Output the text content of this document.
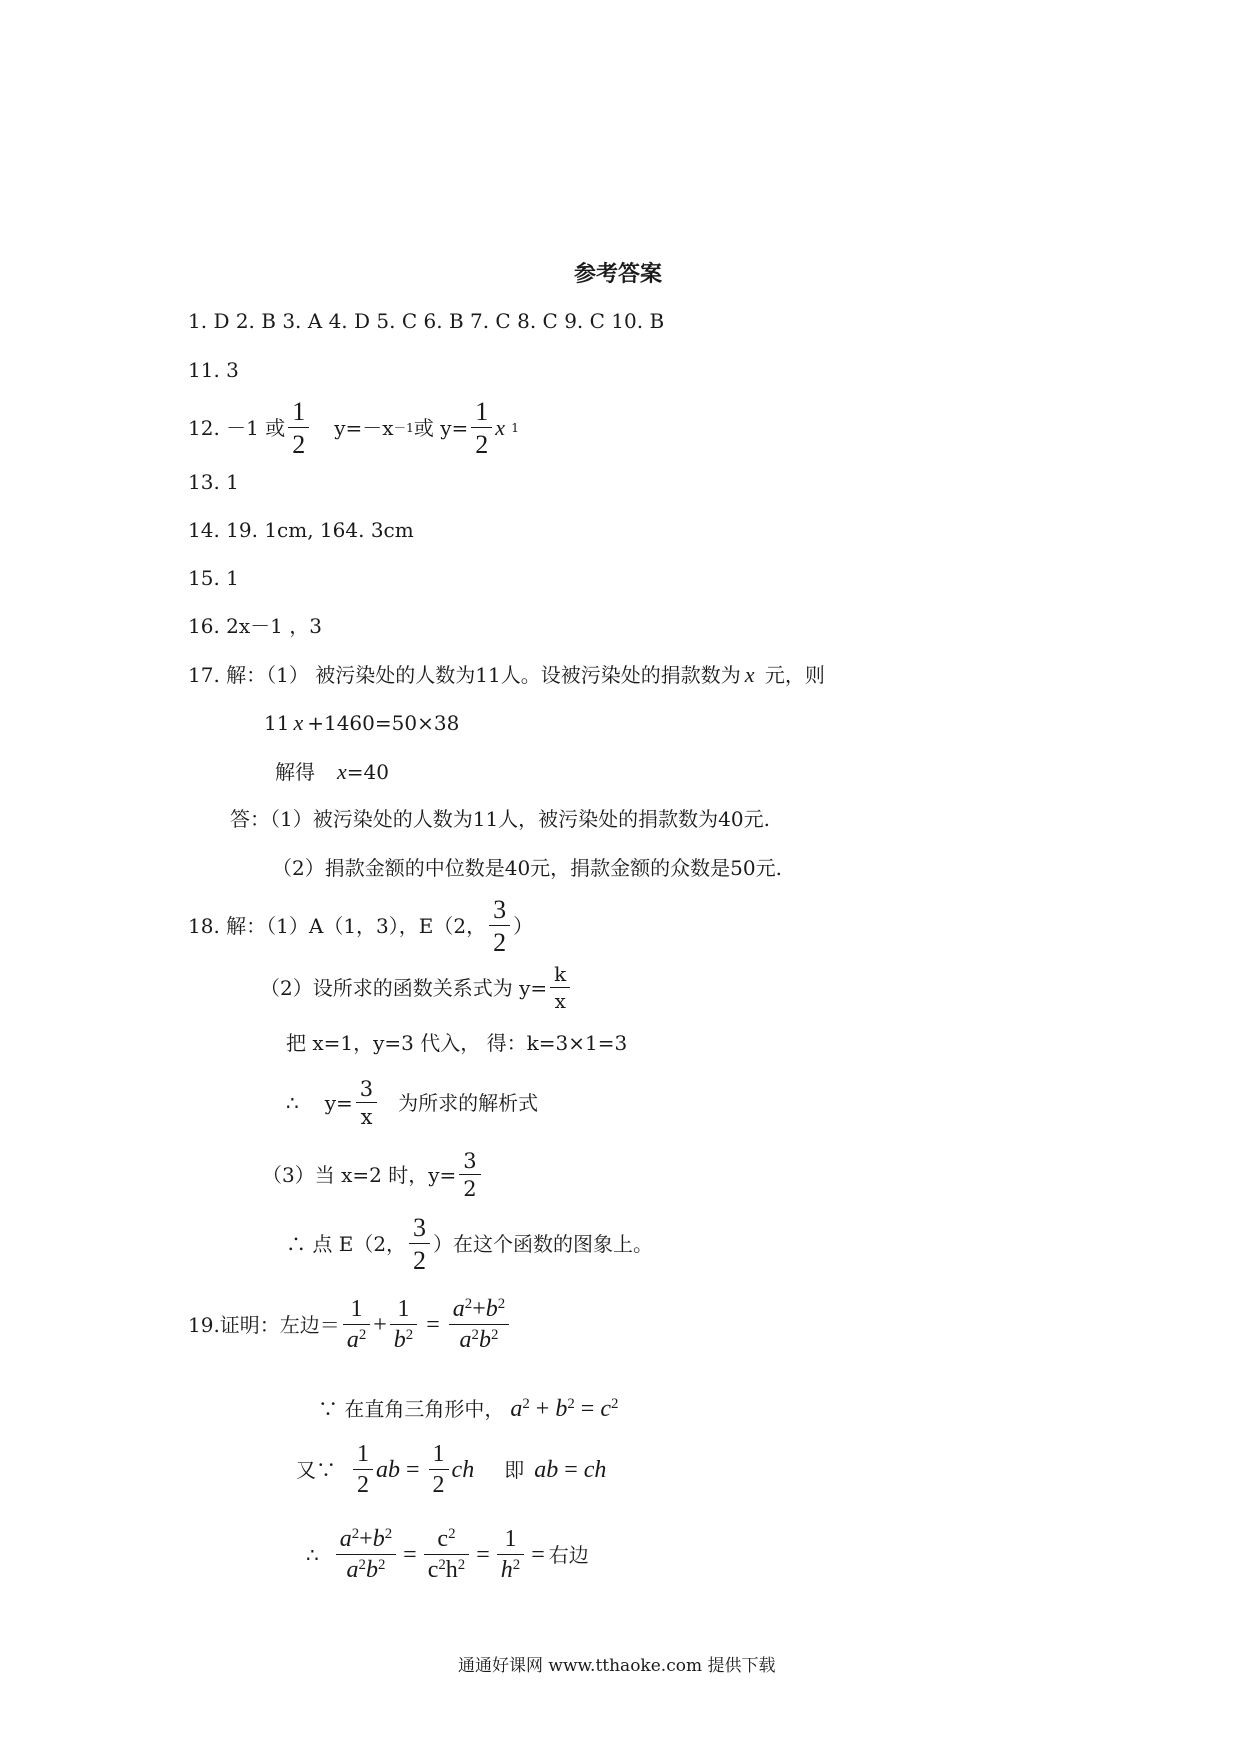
参考答案
1. D 2. B 3. A 4. D 5. C 6. B 7. C 8. C 9. C 10. B
11. 3
12. －1 或 $\frac{1}{2} y=-x -1$ 或 $y= \frac{1}{2}$ x 1
13. 1
14. 19. 1cm, 164. 3cm
15. 1
16. 2x－1 ，3
17. 解：（1） 被污染处的人数为11人。设被污染处的捐款数为 x 元，则
11 x +1460=50×38
解得 x=40
答：（1）被污染处的人数为11人，被污染处的捐款数为40元.
（2）捐款金额的中位数是40元，捐款金额的众数是50元.
18. 解：（1）A（1，3），E（2， $\frac{3}{2}$ ）
（2）设所求的函数关系式为 $y= \frac{k}{x}$
把 x=1，y=3 代入， 得：k=3×1=3
∴ $y= \frac{3}{x}$ 为所求的解析式
（3）当 x=2 时，$y= \frac{3}{2}$
∴ 点 E（2， $\frac{3}{2}$ ）在这个函数的图象上。
19.证明：左边＝ $\frac{1}{a^2} + \frac{1}{b^2} = \frac{a^2+b^2}{a^2b^2}$
∵ 在直角三角形中， $a^2 + b^2 = c^2$
又∵ $\frac{1}{2}$ ab = $\frac{1}{2}$ ch 即 ab = ch
∴ $\frac{a^2+b^2}{a^2b^2} = \frac{c^2}{c^2h^2} = \frac{1}{h^2}$ = 右边
通通好课网 www.tthaoke.com 提供下载
